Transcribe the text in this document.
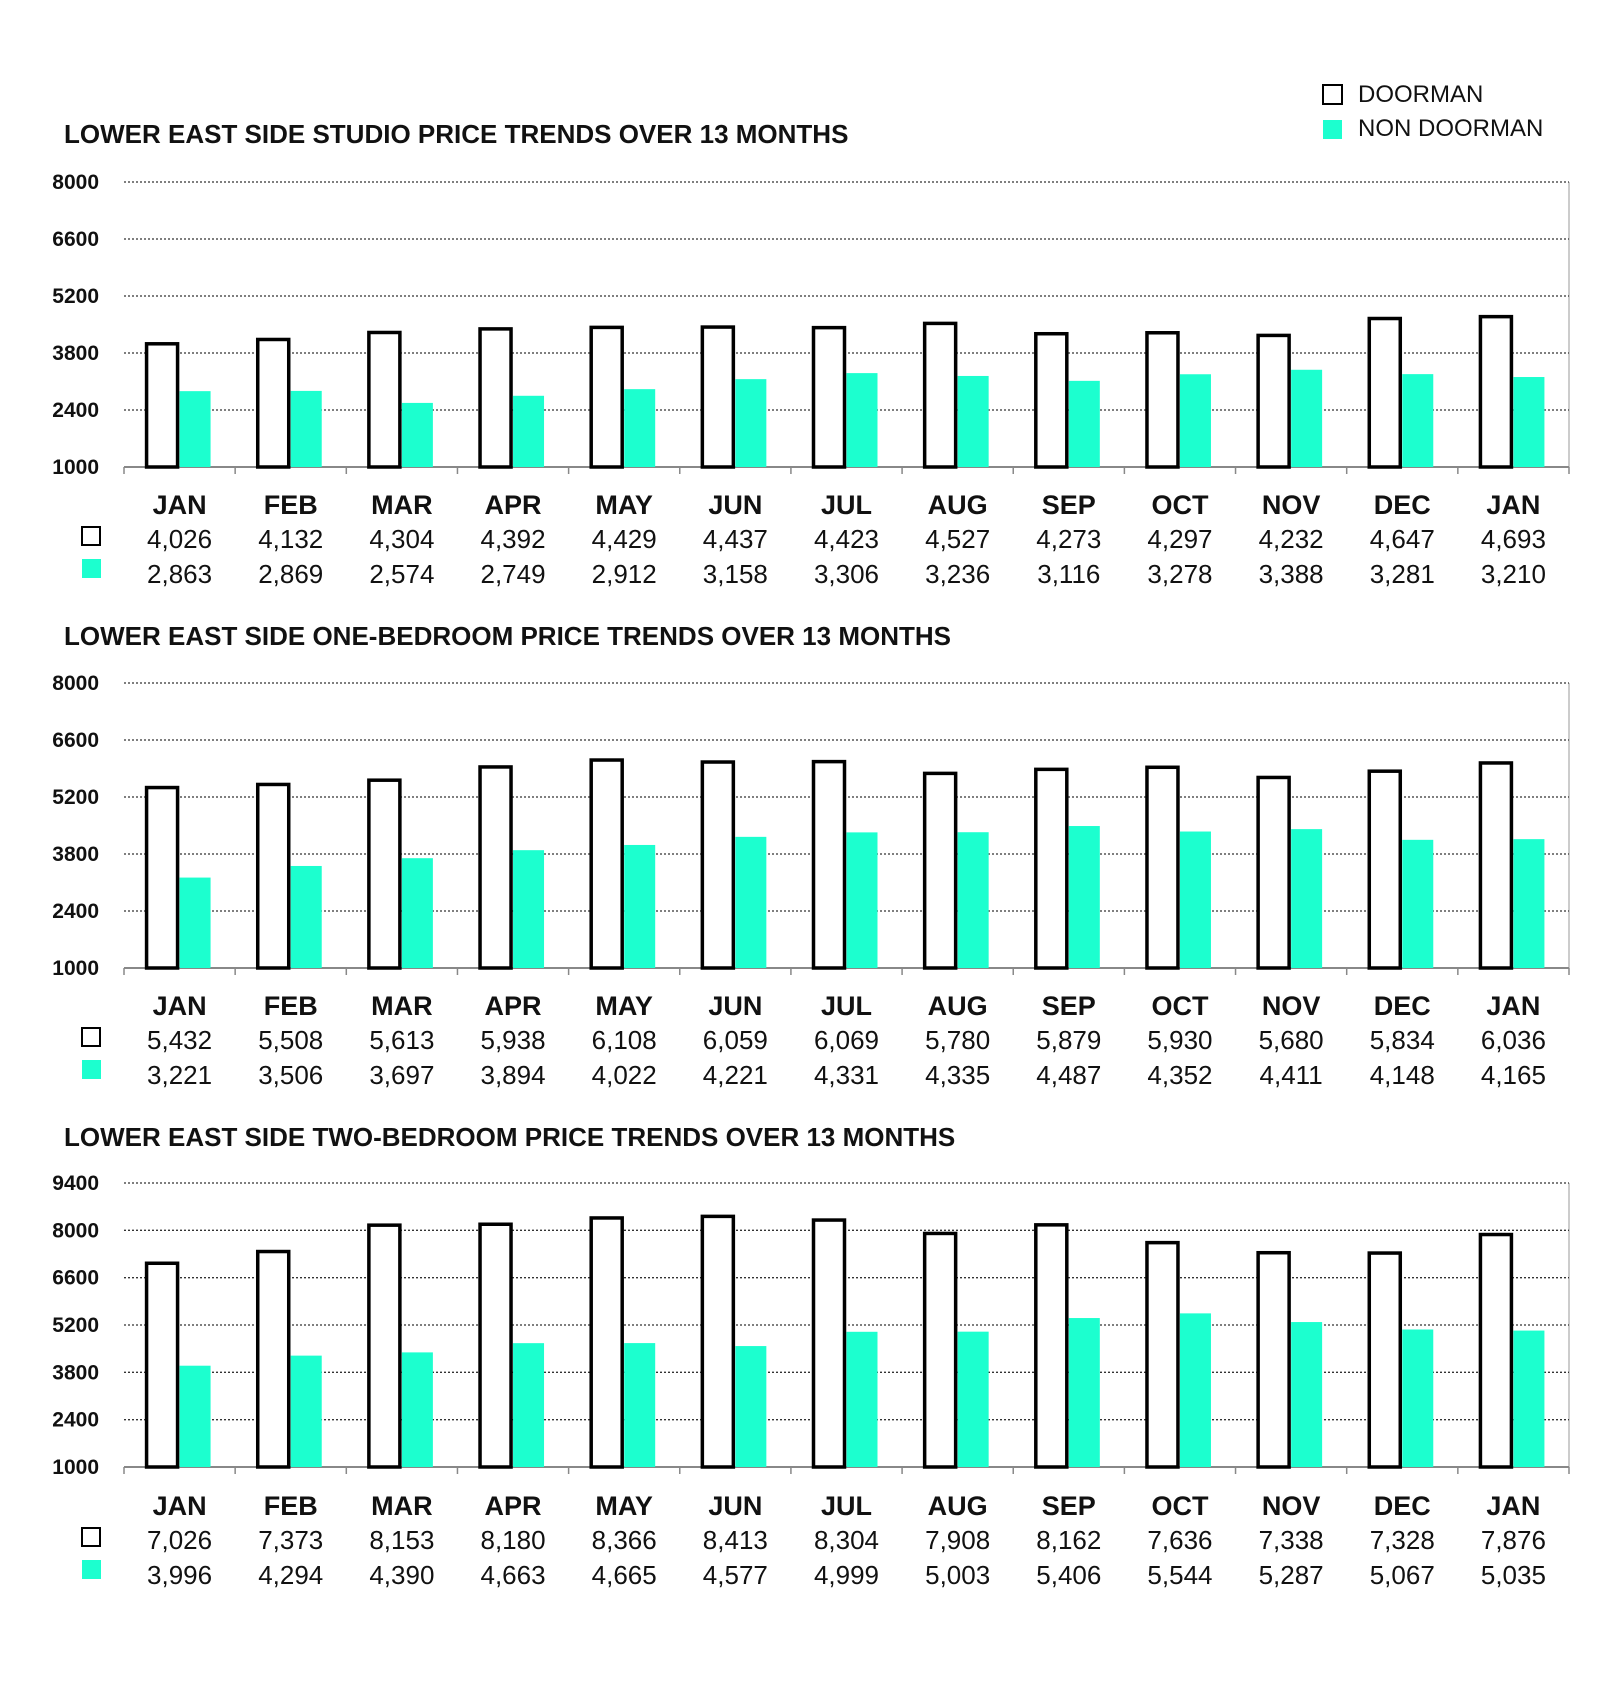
DOORMAN
NON DOORMAN
LOWER EAST SIDE STUDIO PRICE TRENDS OVER 13 MONTHS
1000
2400
3800
5200
6600
8000
JAN
4,026
2,863
FEB
4,132
2,869
MAR
4,304
2,574
APR
4,392
2,749
MAY
4,429
2,912
JUN
4,437
3,158
JUL
4,423
3,306
AUG
4,527
3,236
SEP
4,273
3,116
OCT
4,297
3,278
NOV
4,232
3,388
DEC
4,647
3,281
JAN
4,693
3,210
LOWER EAST SIDE ONE-BEDROOM PRICE TRENDS OVER 13 MONTHS
1000
2400
3800
5200
6600
8000
JAN
5,432
3,221
FEB
5,508
3,506
MAR
5,613
3,697
APR
5,938
3,894
MAY
6,108
4,022
JUN
6,059
4,221
JUL
6,069
4,331
AUG
5,780
4,335
SEP
5,879
4,487
OCT
5,930
4,352
NOV
5,680
4,411
DEC
5,834
4,148
JAN
6,036
4,165
LOWER EAST SIDE TWO-BEDROOM PRICE TRENDS OVER 13 MONTHS
1000
2400
3800
5200
6600
8000
9400
JAN
7,026
3,996
FEB
7,373
4,294
MAR
8,153
4,390
APR
8,180
4,663
MAY
8,366
4,665
JUN
8,413
4,577
JUL
8,304
4,999
AUG
7,908
5,003
SEP
8,162
5,406
OCT
7,636
5,544
NOV
7,338
5,287
DEC
7,328
5,067
JAN
7,876
5,035
